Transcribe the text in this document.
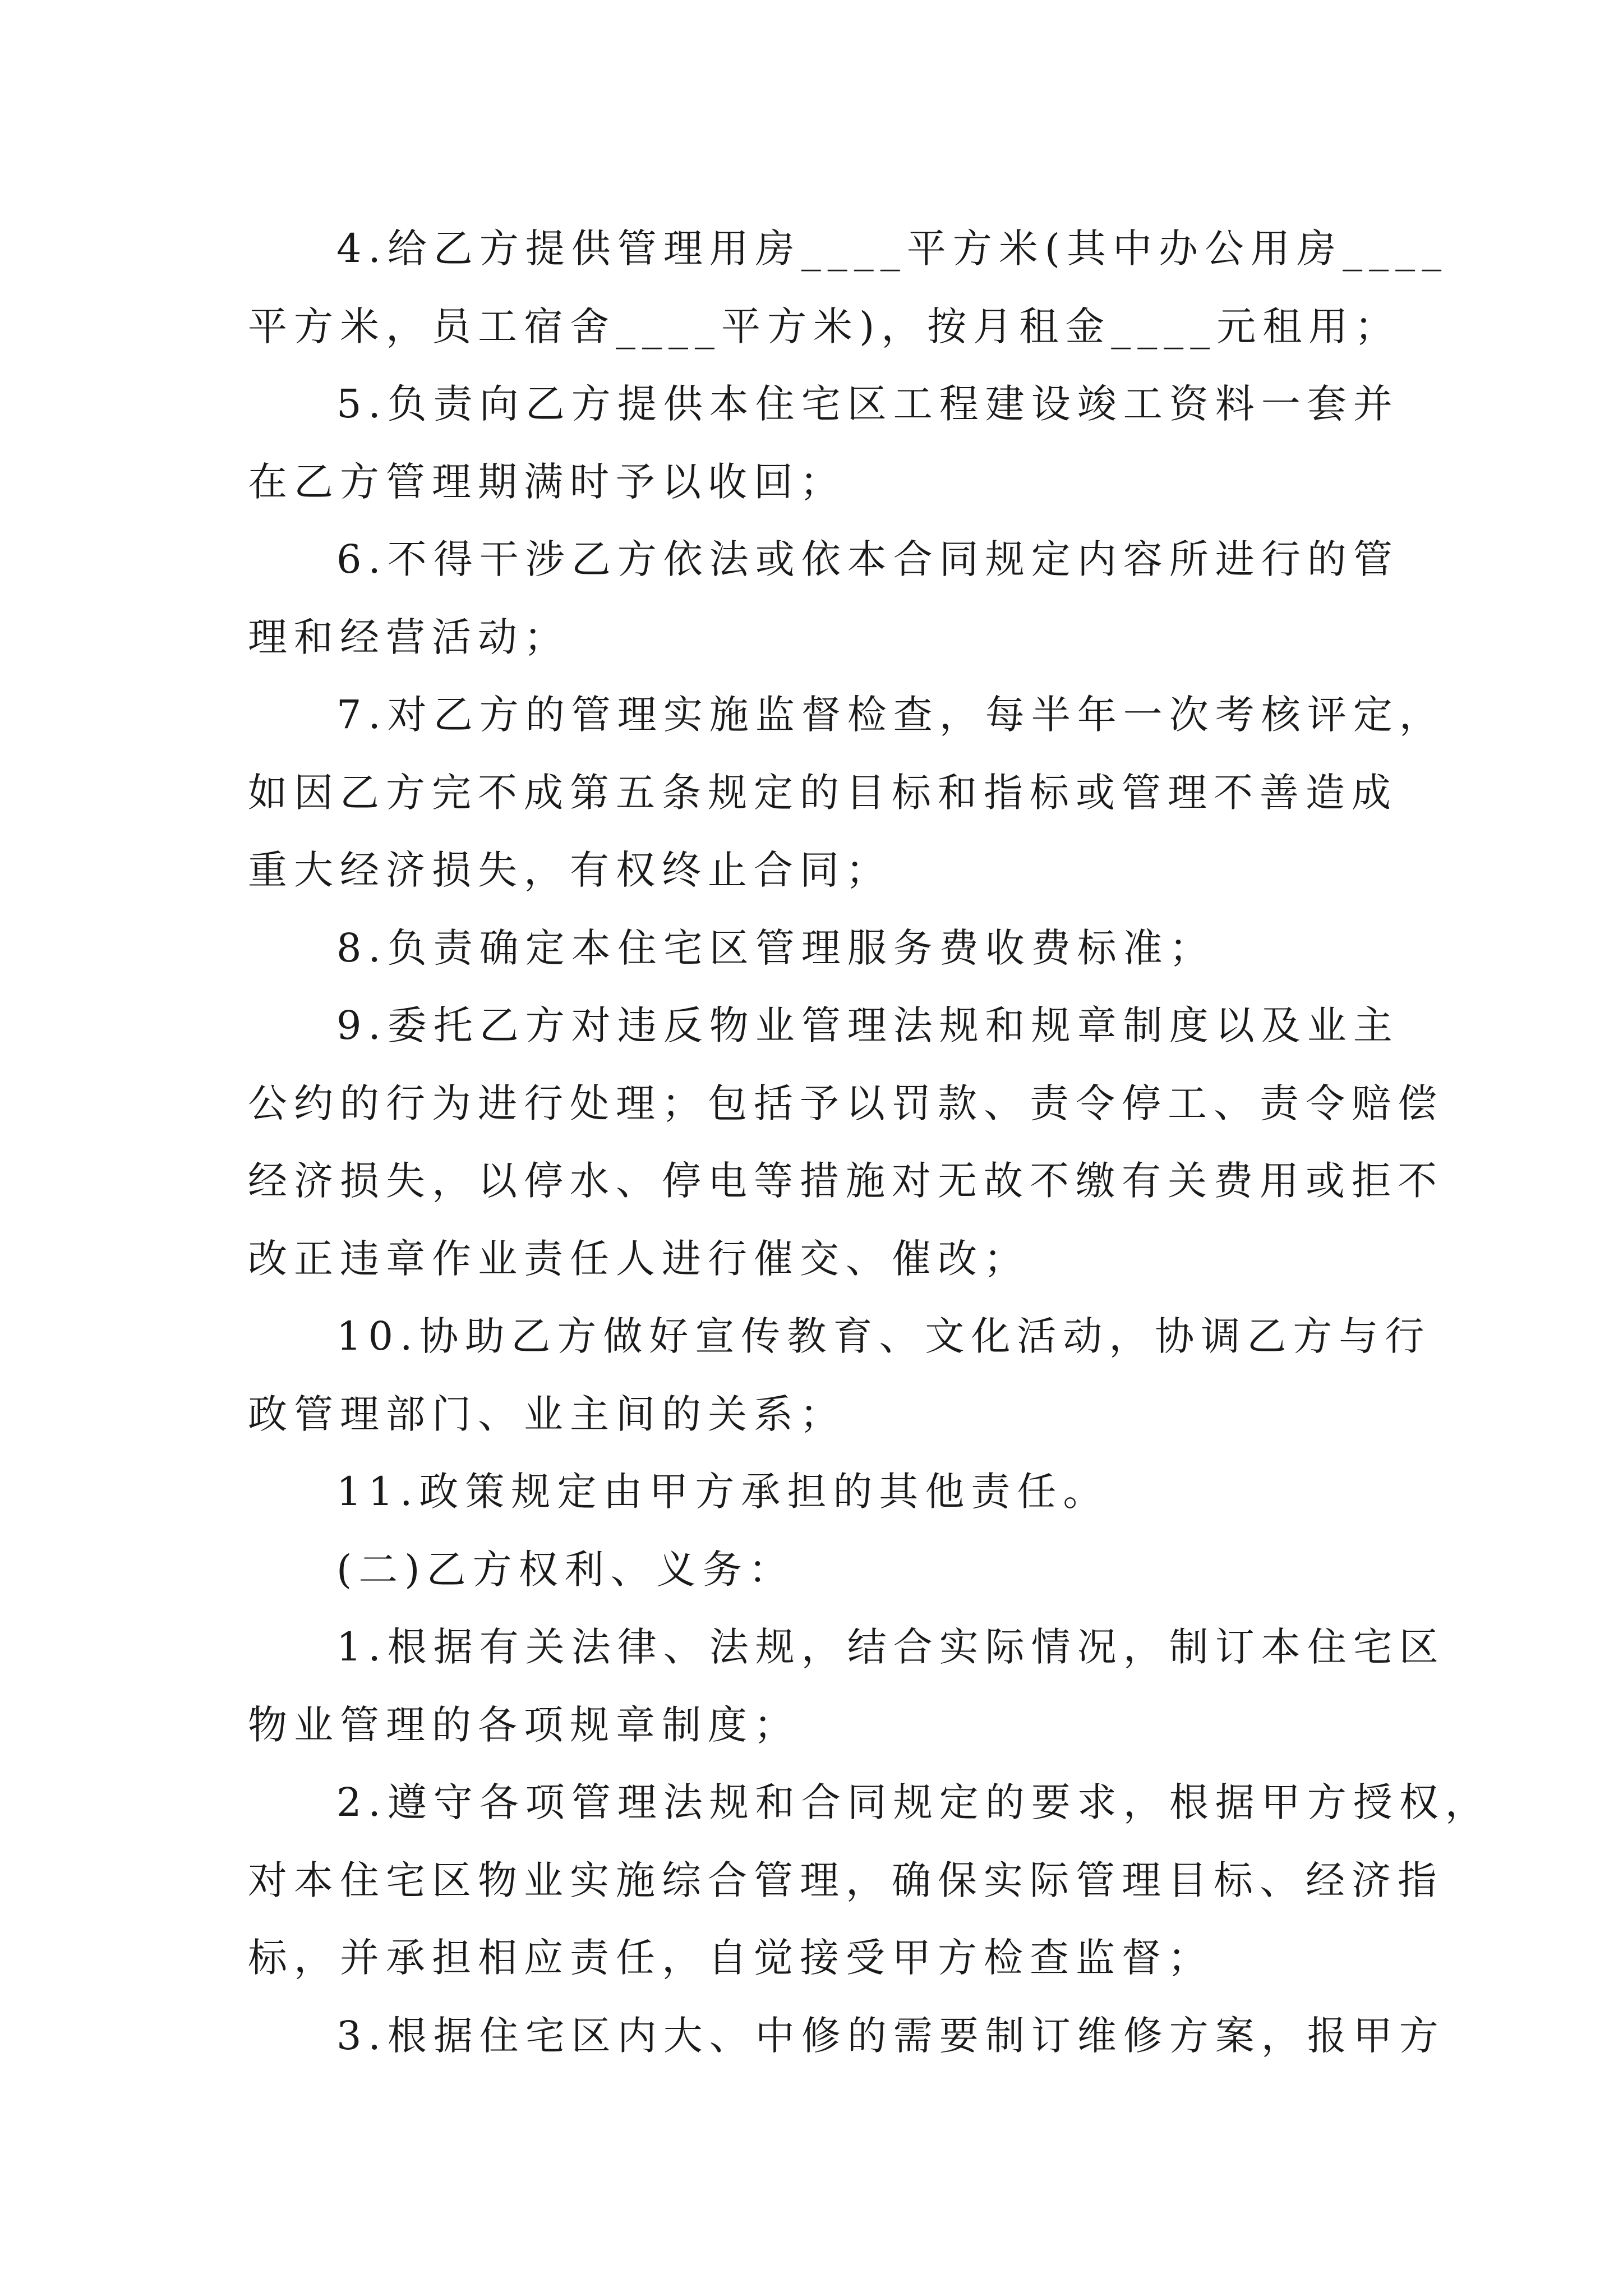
4.给乙方提供管理用房____平方米(其中办公用房____
平方米，员工宿舍____平方米)，按月租金____元租用；
5.负责向乙方提供本住宅区工程建设竣工资料一套并
在乙方管理期满时予以收回；
6.不得干涉乙方依法或依本合同规定内容所进行的管
理和经营活动；
7.对乙方的管理实施监督检查，每半年一次考核评定，
如因乙方完不成第五条规定的目标和指标或管理不善造成
重大经济损失，有权终止合同；
8.负责确定本住宅区管理服务费收费标准；
9.委托乙方对违反物业管理法规和规章制度以及业主
公约的行为进行处理；包括予以罚款、责令停工、责令赔偿
经济损失，以停水、停电等措施对无故不缴有关费用或拒不
改正违章作业责任人进行催交、催改；
10.协助乙方做好宣传教育、文化活动，协调乙方与行
政管理部门、业主间的关系；
11.政策规定由甲方承担的其他责任。
(二)乙方权利、义务：
1.根据有关法律、法规，结合实际情况，制订本住宅区
物业管理的各项规章制度；
2.遵守各项管理法规和合同规定的要求，根据甲方授权，
对本住宅区物业实施综合管理，确保实际管理目标、经济指
标，并承担相应责任，自觉接受甲方检查监督；
3.根据住宅区内大、中修的需要制订维修方案，报甲方
